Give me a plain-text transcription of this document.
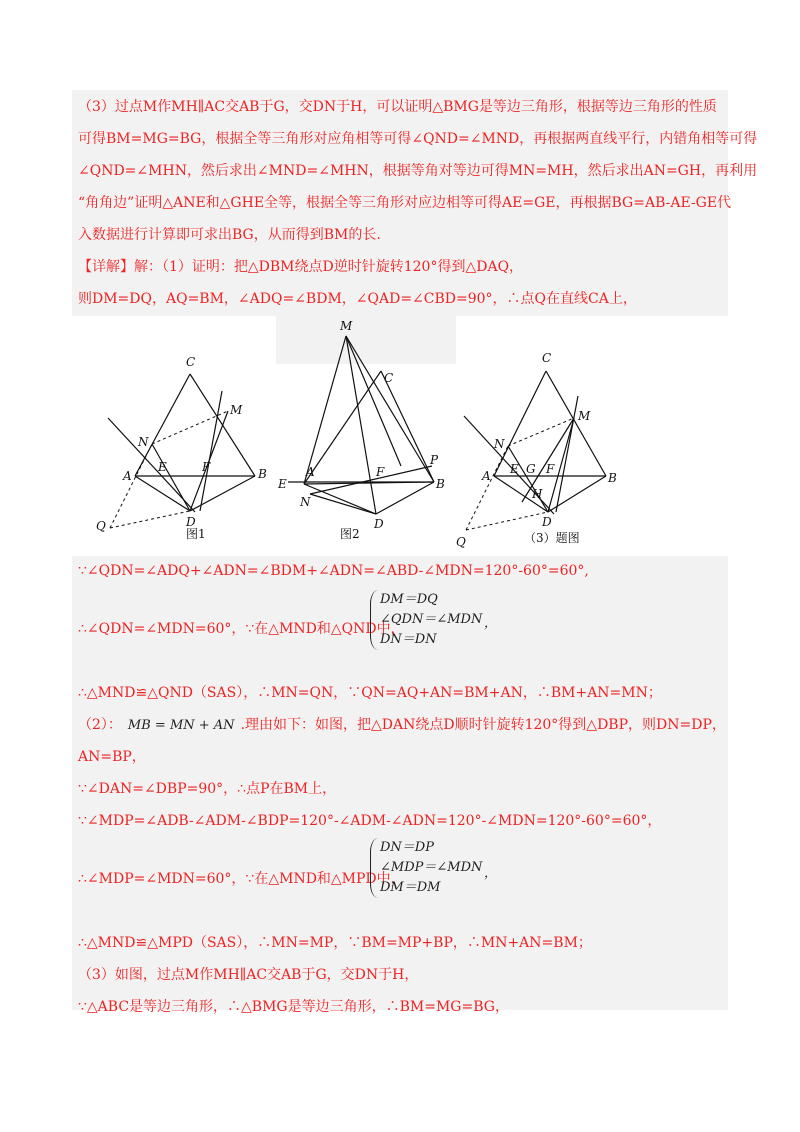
（3）过点M作MH∥AC交AB于G，交DN于H，可以证明△BMG是等边三角形，根据等边三角形的性质
可得BM=MG=BG，根据全等三角形对应角相等可得∠QND=∠MND，再根据两直线平行，内错角相等可得
∠QND=∠MHN，然后求出∠MND=∠MHN，根据等角对等边可得MN=MH，然后求出AN=GH，再利用
“角角边”证明△ANE和△GHE全等，根据全等三角形对应边相等可得AE=GE，再根据BG=AB-AE-GE代
入数据进行计算即可求出BG，从而得到BM的长.
【详解】解：（1）证明：把△DBM绕点D逆时针旋转120°得到△DAQ，
则DM=DQ，AQ=BM，∠ADQ=∠BDM，∠QAD=∠CBD=90°，∴点Q在直线CA上，
C
M
N
A
E	F	B
D
Q
图1
M
C
A	F
P
E
N
B
D
图2
C
M
N
A E G F
B
H
D
Q	（3）题图
∵∠QDN=∠ADQ+∠ADN=∠BDM+∠ADN=∠ABD-∠MDN=120°-60°=60°,
∴∠QDN=∠MDN=60°，∵在△MND和△QND中，
DM＝DQ
∠QDN＝∠MDN
DN＝DN
，
∴△MND≌△QND（SAS），∴MN=QN，∵QN=AQ+AN=BM+AN，∴BM+AN=MN；
（2）： MB = MN + AN .理由如下：如图，把△DAN绕点D顺时针旋转120°得到△DBP，则DN=DP，
AN=BP，
∵∠DAN=∠DBP=90°，∴点P在BM上，
∵∠MDP=∠ADB-∠ADM-∠BDP=120°-∠ADM-∠ADN=120°-∠MDN=120°-60°=60°，
∴∠MDP=∠MDN=60°，∵在△MND和△MPD中，
DN＝DP
∠MDP＝∠MDN
DM＝DM
，
∴△MND≌△MPD（SAS），∴MN=MP，∵BM=MP+BP，∴MN+AN=BM；
（3）如图，过点M作MH∥AC交AB于G，交DN于H，
∵△ABC是等边三角形，∴△BMG是等边三角形，∴BM=MG=BG，
